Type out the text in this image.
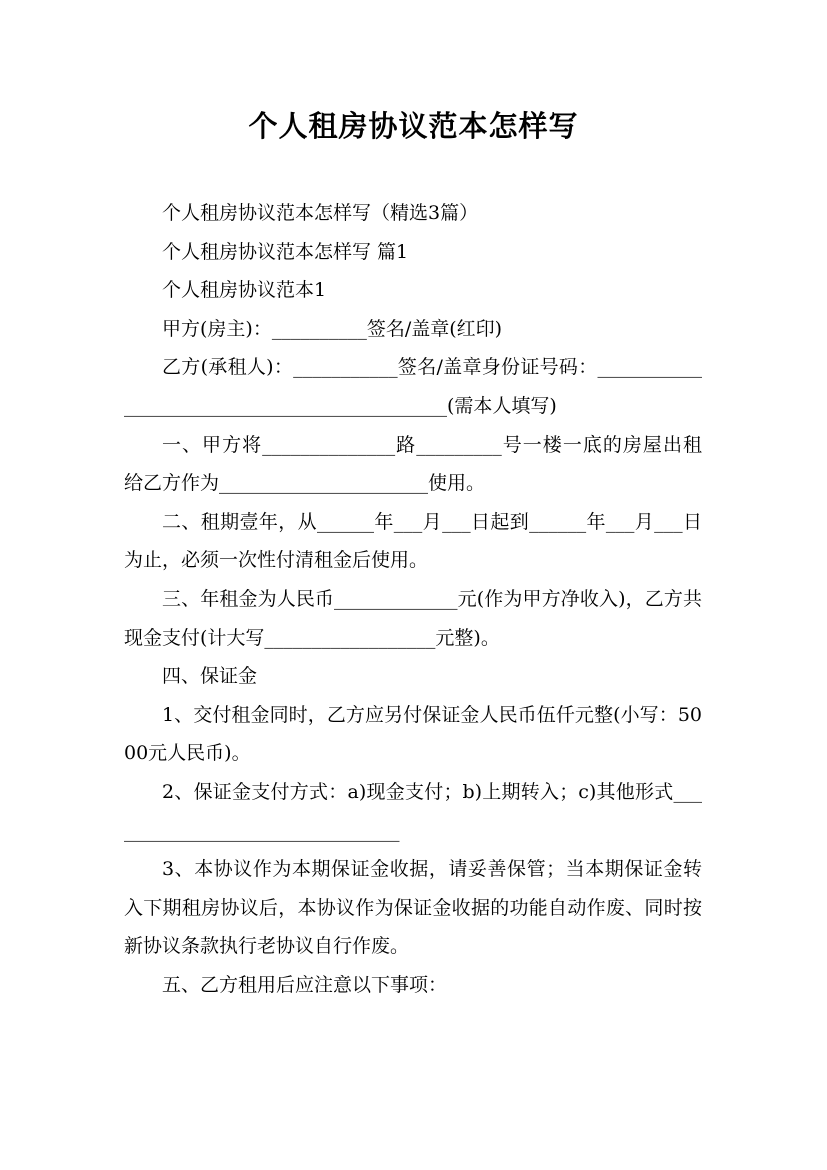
个人租房协议范本怎样写

个人租房协议范本怎样写（精选3篇）

个人租房协议范本怎样写 篇1

个人租房协议范本1

甲方(房主)：__________签名/盖章(红印)

乙方(承租人)：___________签名/盖章身份证号码：_____________________________________________(需本人填写)

一、甲方将______________路_________号一楼一底的房屋出租给乙方作为______________________使用。

二、租期壹年，从______年___月___日起到______年___月___日为止，必须一次性付清租金后使用。

三、年租金为人民币_____________元(作为甲方净收入)，乙方共现金支付(计大写__________________元整)。

四、保证金

1、交付租金同时，乙方应另付保证金人民币伍仟元整(小写：5000元人民币)。

2、保证金支付方式：a)现金支付；b)上期转入；c)其他形式________________________________

3、本协议作为本期保证金收据，请妥善保管；当本期保证金转入下期租房协议后，本协议作为保证金收据的功能自动作废、同时按新协议条款执行老协议自行作废。

五、乙方租用后应注意以下事项：
